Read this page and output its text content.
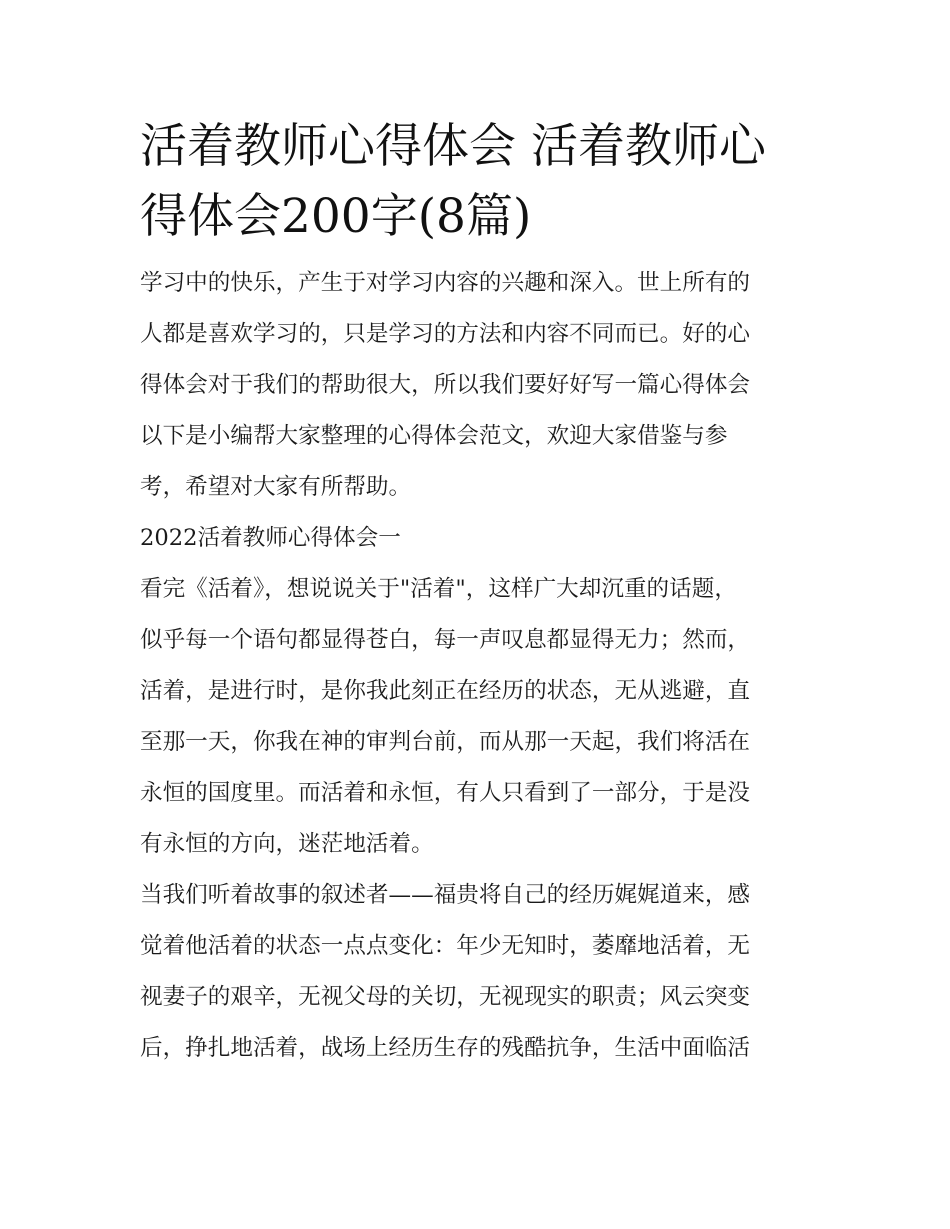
活着教师心得体会 活着教师心
得体会200字(8篇)
学习中的快乐，产生于对学习内容的兴趣和深入。世上所有的
人都是喜欢学习的，只是学习的方法和内容不同而已。好的心
得体会对于我们的帮助很大，所以我们要好好写一篇心得体会
以下是小编帮大家整理的心得体会范文，欢迎大家借鉴与参
考，希望对大家有所帮助。
2022活着教师心得体会一
看完《活着》，想说说关于"活着"，这样广大却沉重的话题，
似乎每一个语句都显得苍白，每一声叹息都显得无力；然而，
活着，是进行时，是你我此刻正在经历的状态，无从逃避，直
至那一天，你我在神的审判台前，而从那一天起，我们将活在
永恒的国度里。而活着和永恒，有人只看到了一部分，于是没
有永恒的方向，迷茫地活着。
当我们听着故事的叙述者——福贵将自己的经历娓娓道来，感
觉着他活着的状态一点点变化：年少无知时，萎靡地活着，无
视妻子的艰辛，无视父母的关切，无视现实的职责；风云突变
后，挣扎地活着，战场上经历生存的残酷抗争，生活中面临活
